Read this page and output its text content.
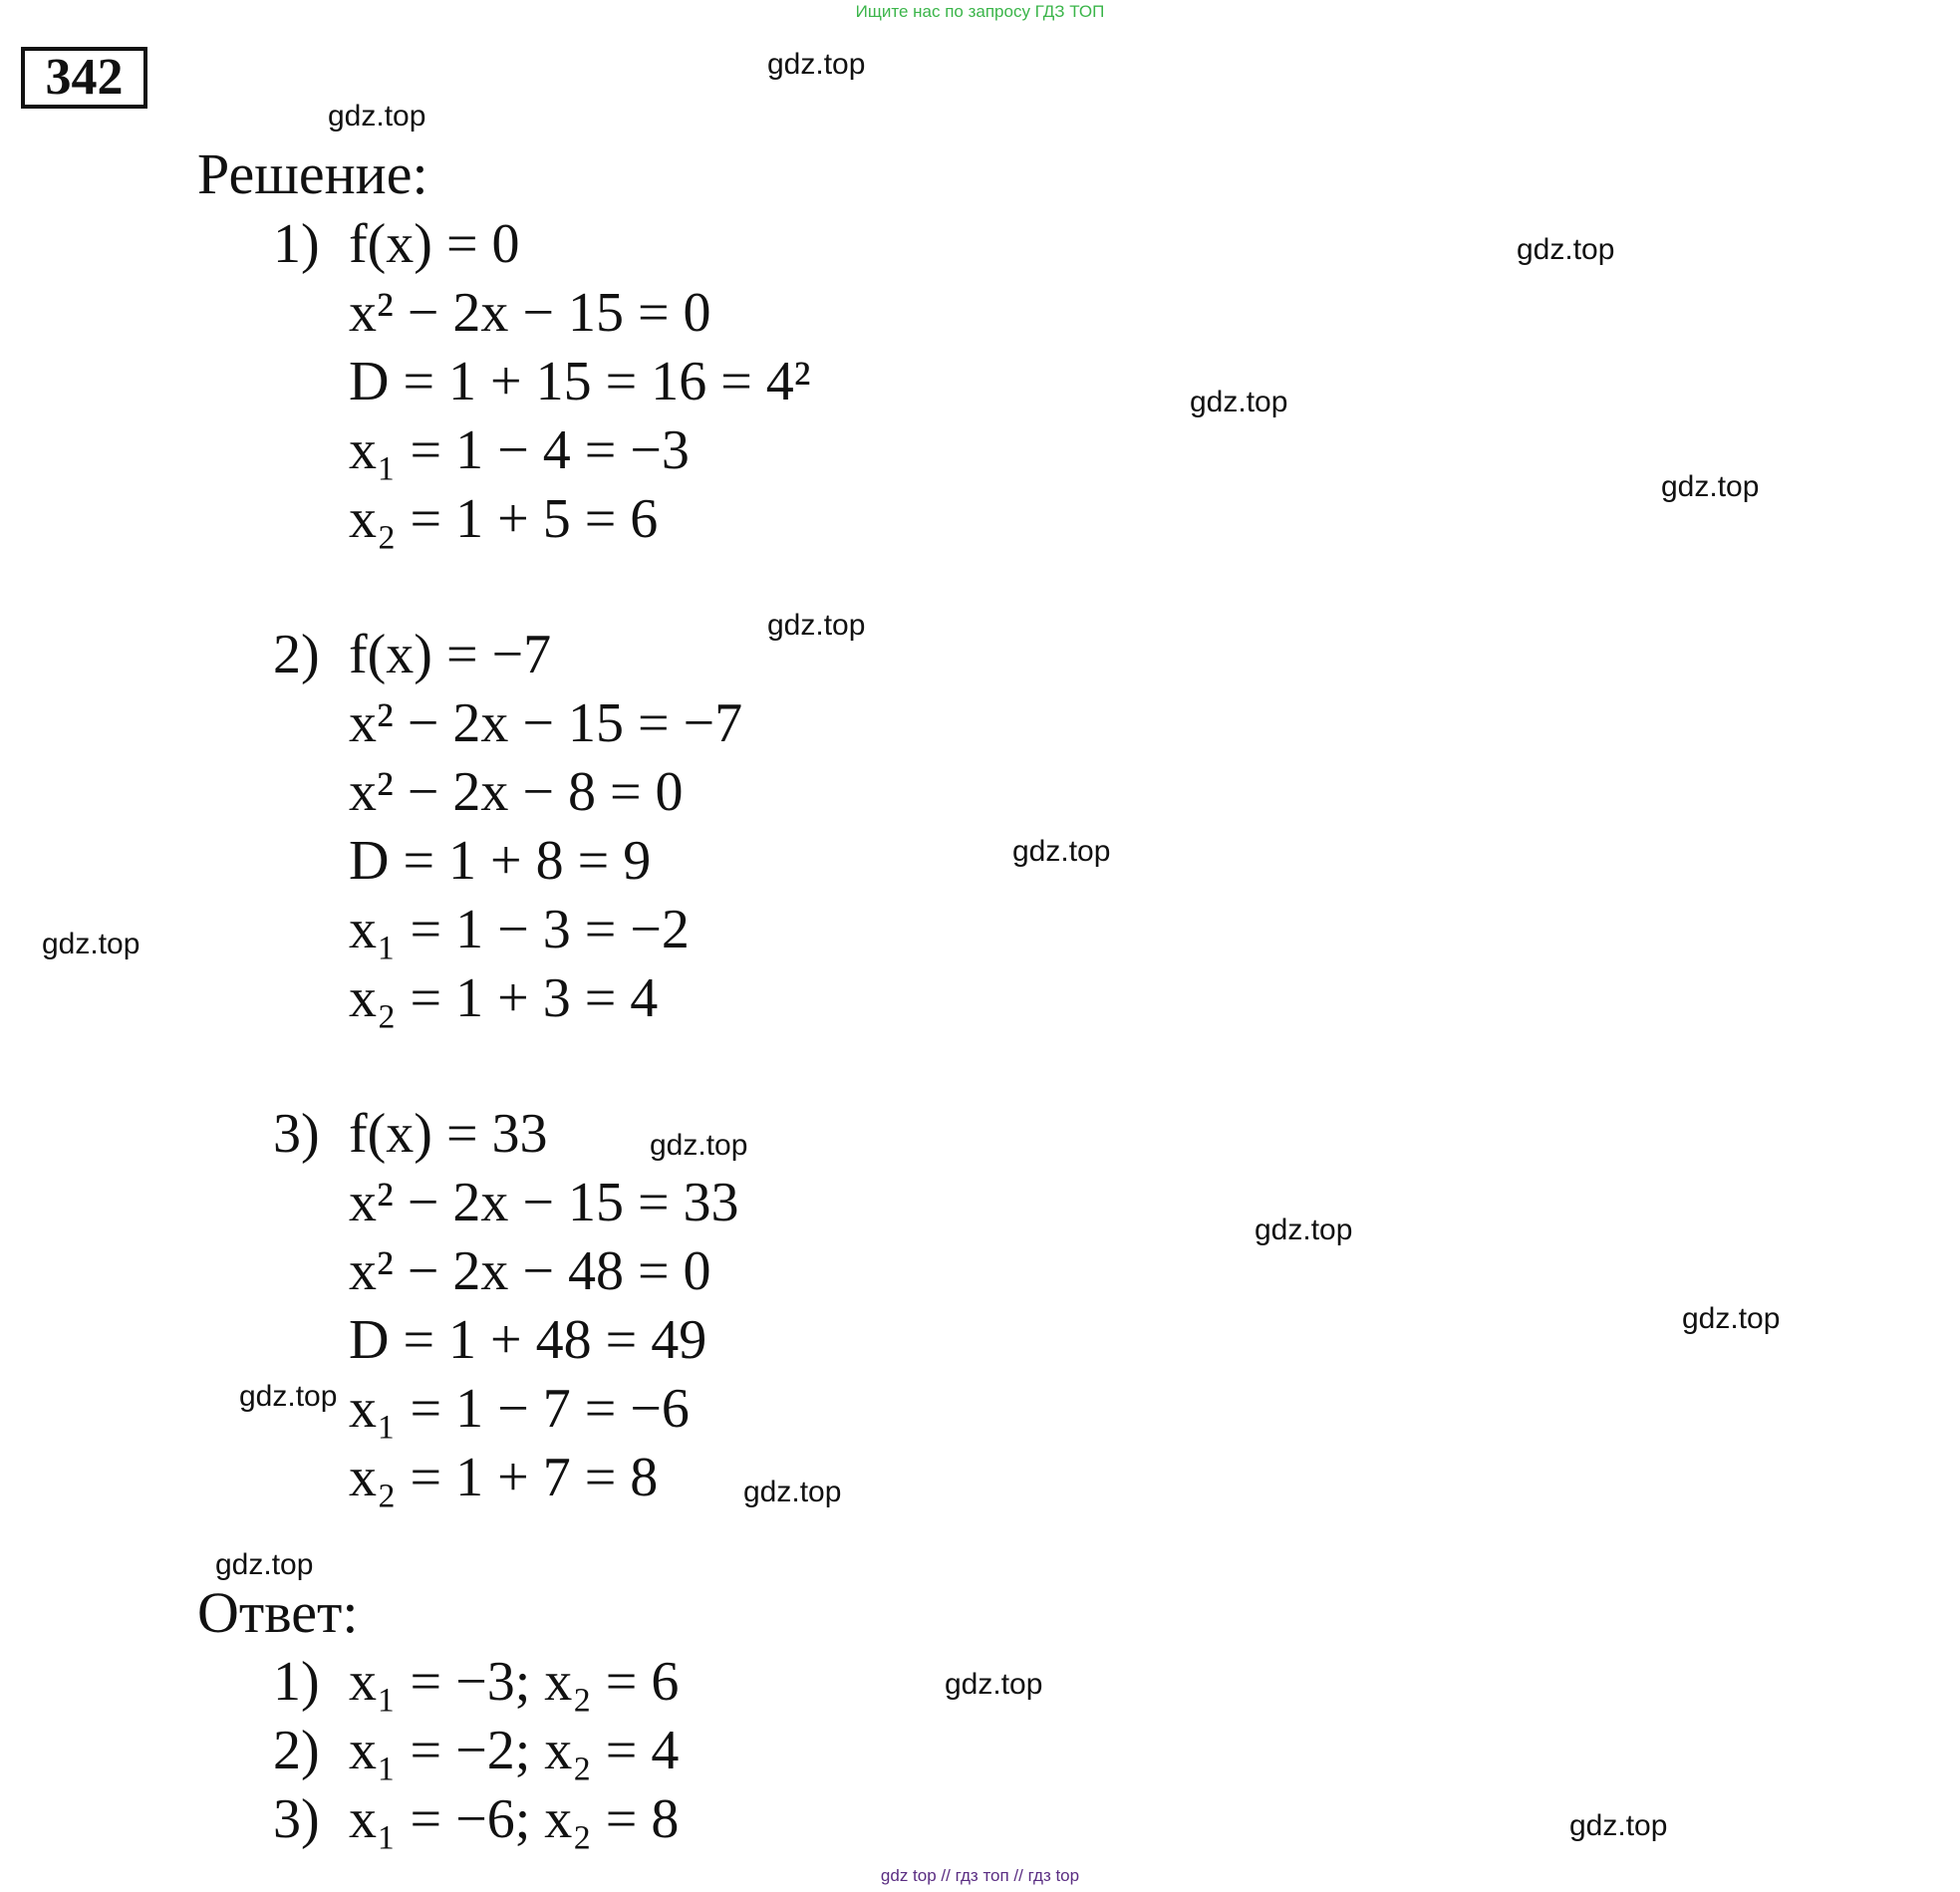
Ищите нас по запросу ГДЗ ТОП
342
Решение:
1) f(x) = 0
x² − 2x − 15 = 0
D = 1 + 15 = 16 = 4²
x₁ = 1 − 4 = −3
x₂ = 1 + 5 = 6
2) f(x) = −7
x² − 2x − 15 = −7
x² − 2x − 8 = 0
D = 1 + 8 = 9
x₁ = 1 − 3 = −2
x₂ = 1 + 3 = 4
3) f(x) = 33
x² − 2x − 15 = 33
x² − 2x − 48 = 0
D = 1 + 48 = 49
x₁ = 1 − 7 = −6
x₂ = 1 + 7 = 8
Ответ:
1) x₁ = −3; x₂ = 6
2) x₁ = −2; x₂ = 4
3) x₁ = −6; x₂ = 8
gdz.top
gdz.top
gdz.top
gdz.top
gdz.top
gdz.top
gdz.top
gdz.top
gdz.top
gdz.top
gdz.top
gdz.top
gdz.top
gdz.top
gdz.top
gdz.top
gdz top // гдз топ // гдз top
